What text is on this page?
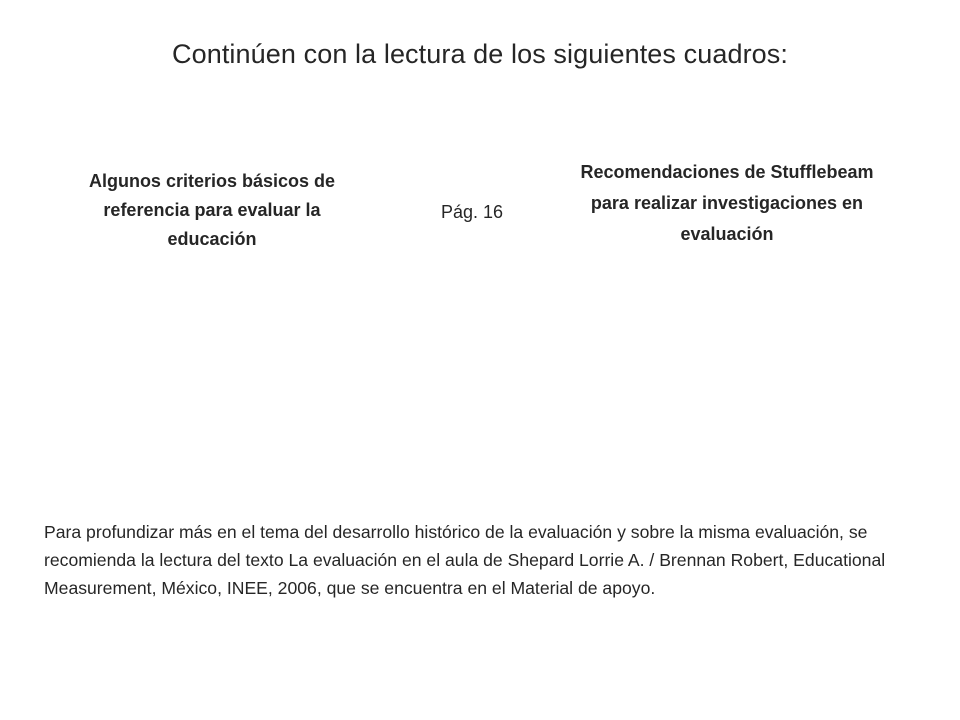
Continúen con la lectura de los siguientes cuadros:
Algunos criterios básicos de referencia para evaluar la educación
Pág. 16
Recomendaciones de Stufflebeam para realizar investigaciones en evaluación
Para profundizar más en el tema del desarrollo histórico de la evaluación y sobre la misma evaluación, se recomienda la lectura del texto La evaluación en el aula de Shepard Lorrie A. / Brennan Robert, Educational Measurement, México, INEE, 2006, que se encuentra en el Material de apoyo.
